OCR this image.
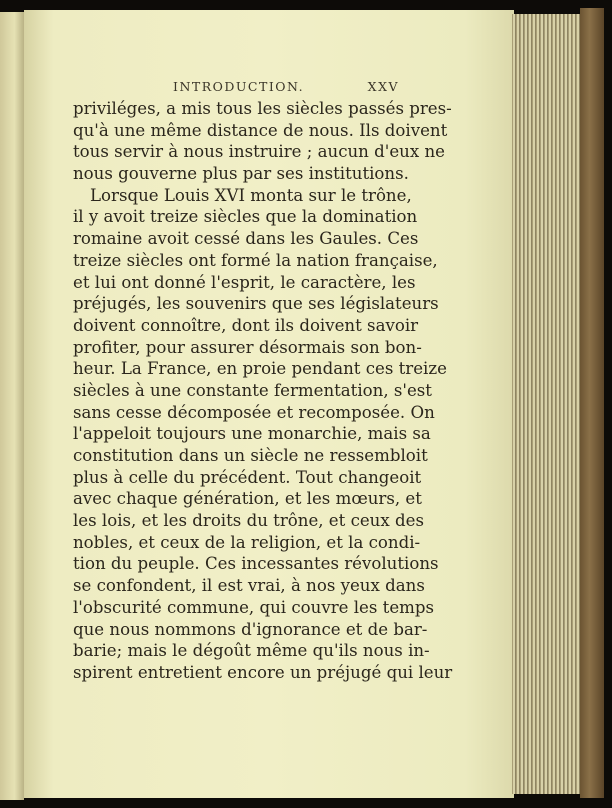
INTRODUCTION.	XXV
priviléges, a mis tous les siècles passés pres-
qu'à une même distance de nous. Ils doivent
tous servir à nous instruire ; aucun d'eux ne
nous gouverne plus par ses institutions.
Lorsque Louis XVI monta sur le trône,
il y avoit treize siècles que la domination
romaine avoit cessé dans les Gaules. Ces
treize siècles ont formé la nation française,
et lui ont donné l'esprit, le caractère, les
préjugés, les souvenirs que ses législateurs
doivent connoître, dont ils doivent savoir
profiter, pour assurer désormais son bon-
heur. La France, en proie pendant ces treize
siècles à une constante fermentation, s'est
sans cesse décomposée et recomposée. On
l'appeloit toujours une monarchie, mais sa
constitution dans un siècle ne ressembloit
plus à celle du précédent. Tout changeoit
avec chaque génération, et les mœurs, et
les lois, et les droits du trône, et ceux des
nobles, et ceux de la religion, et la condi-
tion du peuple. Ces incessantes révolutions
se confondent, il est vrai, à nos yeux dans
l'obscurité commune, qui couvre les temps
que nous nommons d'ignorance et de bar-
barie; mais le dégoût même qu'ils nous in-
spirent entretient encore un préjugé qui leur
